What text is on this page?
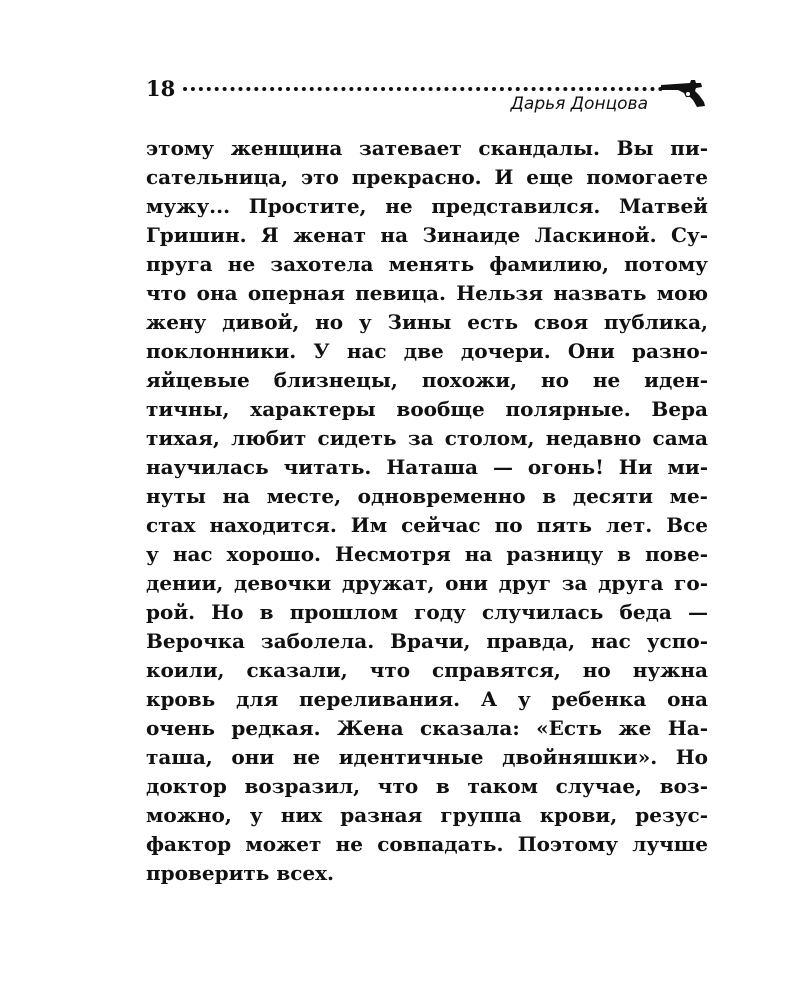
18
Дарья Донцова
этому женщина затевает скандалы. Вы пи-
сательница, это прекрасно. И еще помогаете
мужу... Простите, не представился. Матвей
Гришин. Я женат на Зинаиде Ласкиной. Су-
пруга не захотела менять фамилию, потому
что она оперная певица. Нельзя назвать мою
жену дивой, но у Зины есть своя публика,
поклонники. У нас две дочери. Они разно-
яйцевые близнецы, похожи, но не иден-
тичны, характеры вообще полярные. Вера
тихая, любит сидеть за столом, недавно сама
научилась читать. Наташа — огонь! Ни ми-
нуты на месте, одновременно в десяти ме-
стах находится. Им сейчас по пять лет. Все
у нас хорошо. Несмотря на разницу в пове-
дении, девочки дружат, они друг за друга го-
рой. Но в прошлом году случилась беда —
Верочка заболела. Врачи, правда, нас успо-
коили, сказали, что справятся, но нужна
кровь для переливания. А у ребенка она
очень редкая. Жена сказала: «Есть же На-
таша, они не идентичные двойняшки». Но
доктор возразил, что в таком случае, воз-
можно, у них разная группа крови, резус-
фактор может не совпадать. Поэтому лучше
проверить всех.
